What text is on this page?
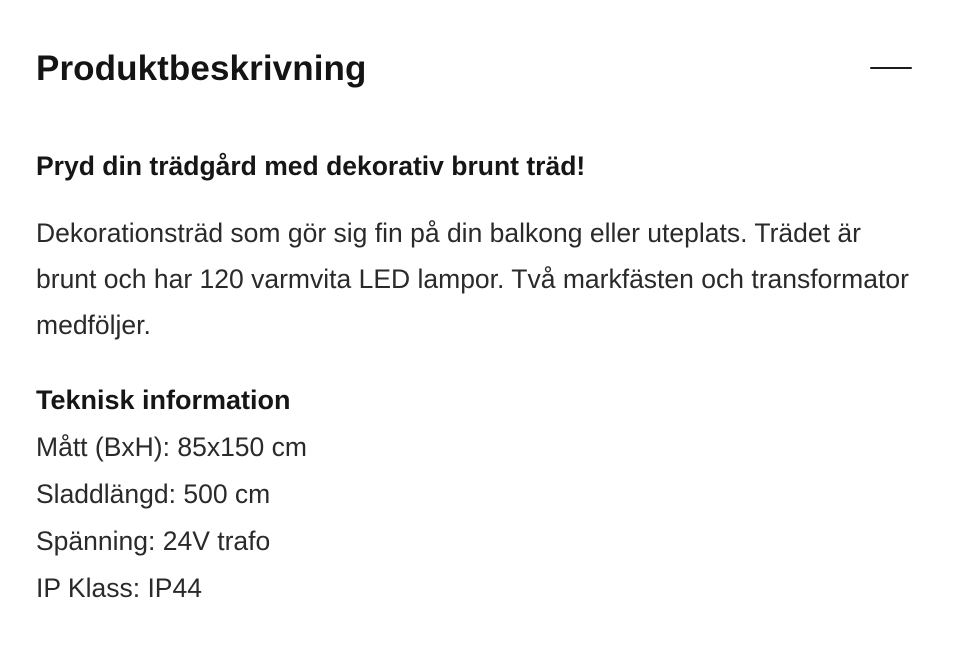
Produktbeskrivning

Pryd din trädgård med dekorativ brunt träd!

Dekorationsträd som gör sig fin på din balkong eller uteplats. Trädet är brunt och har 120 varmvita LED lampor. Två markfästen och transformator medföljer.

Teknisk information

Mått (BxH): 85x150 cm
Sladdlängd: 500 cm
Spänning: 24V trafo
IP Klass: IP44
